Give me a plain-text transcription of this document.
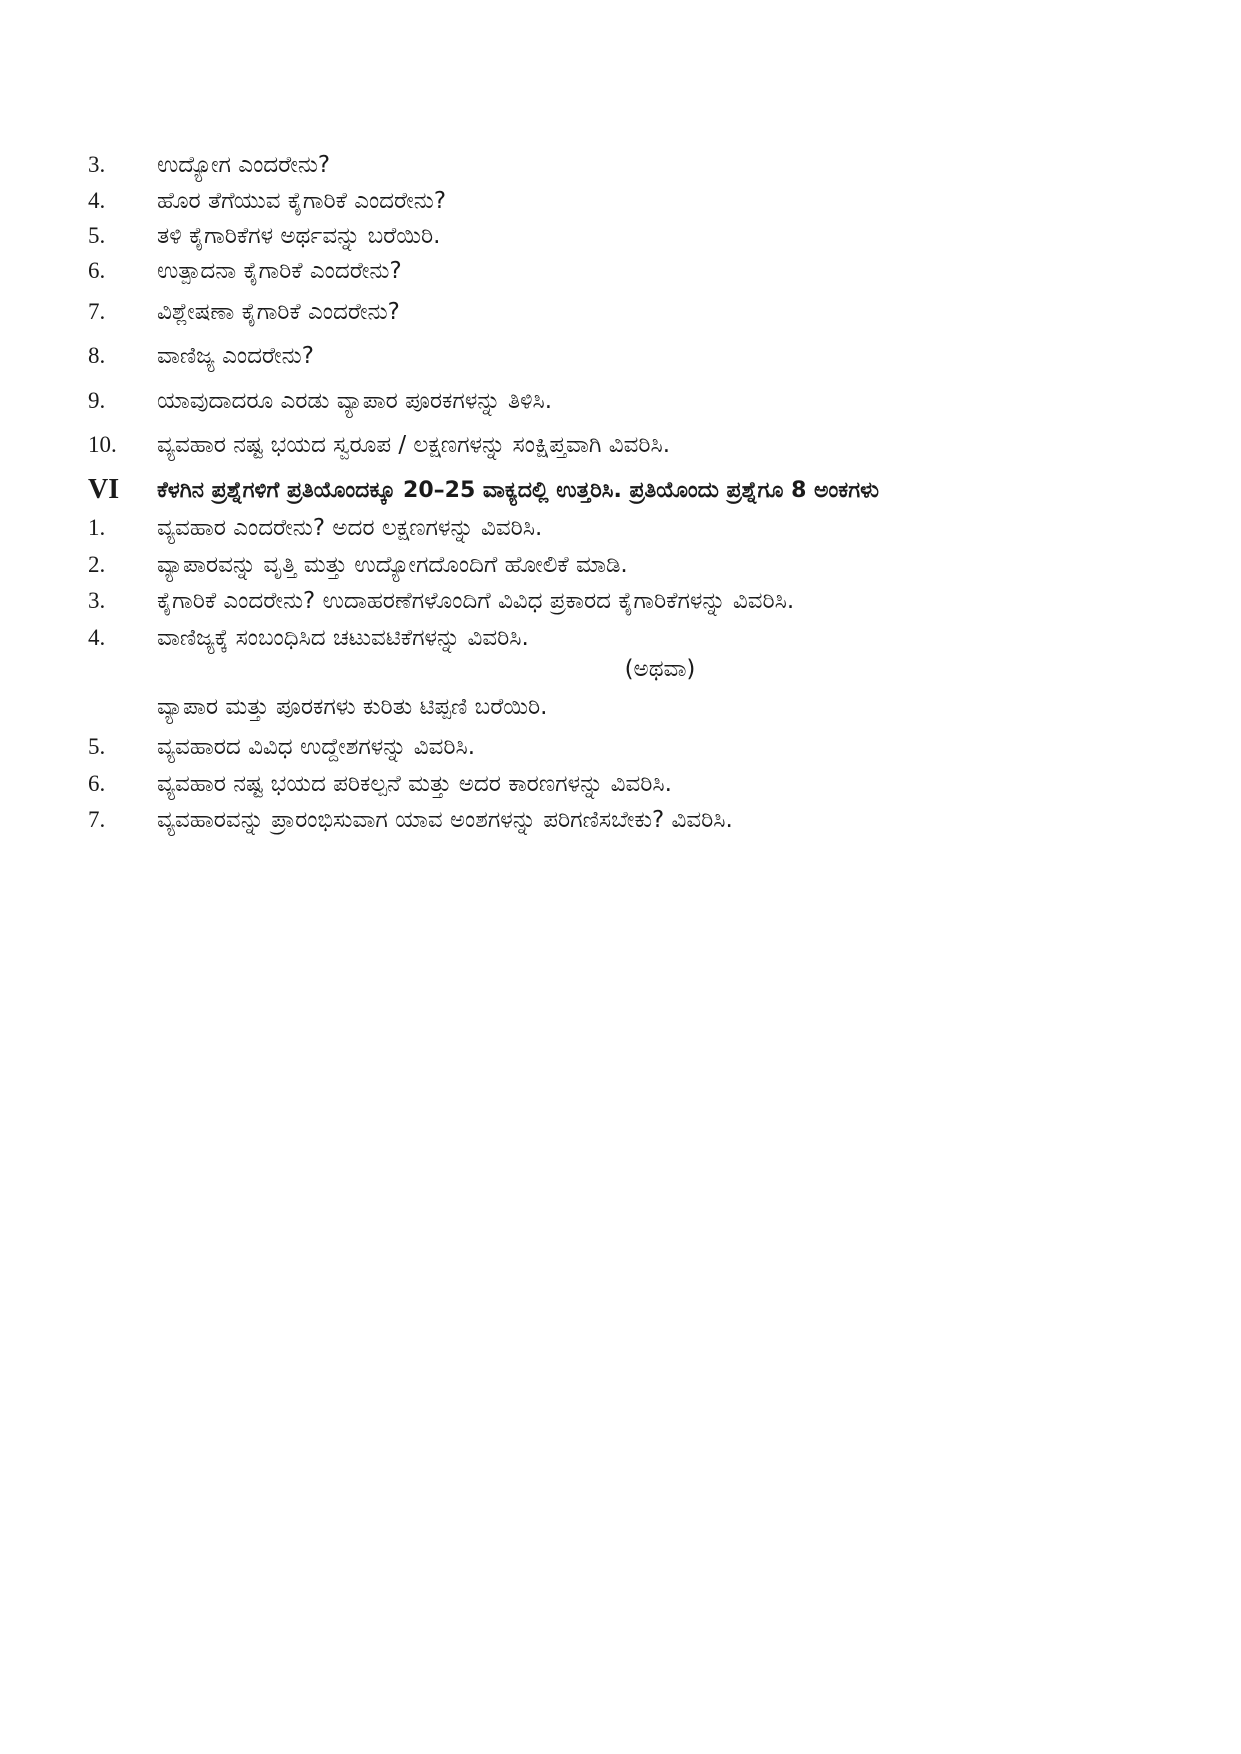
3.	ಉದ್ಯೋಗ ಎಂದರೇನು?
4.	ಹೊರ ತೆಗೆಯುವ ಕೈಗಾರಿಕೆ ಎಂದರೇನು?
5.	ತಳಿ ಕೈಗಾರಿಕೆಗಳ ಅರ್ಥವನ್ನು ಬರೆಯಿರಿ.
6.	ಉತ್ಪಾದನಾ ಕೈಗಾರಿಕೆ ಎಂದರೇನು?
7.	ವಿಶ್ಲೇಷಣಾ ಕೈಗಾರಿಕೆ ಎಂದರೇನು?
8.	ವಾಣಿಜ್ಯ ಎಂದರೇನು?
9.	ಯಾವುದಾದರೂ ಎರಡು ವ್ಯಾಪಾರ ಪೂರಕಗಳನ್ನು ತಿಳಿಸಿ.
10.	ವ್ಯವಹಾರ ನಷ್ಟ ಭಯದ ಸ್ವರೂಪ / ಲಕ್ಷಣಗಳನ್ನು ಸಂಕ್ಷಿಪ್ತವಾಗಿ ವಿವರಿಸಿ.
VI	ಕೆಳಗಿನ ಪ್ರಶ್ನೆಗಳಿಗೆ ಪ್ರತಿಯೊಂದಕ್ಕೂ 20–25 ವಾಕ್ಯದಲ್ಲಿ ಉತ್ತರಿಸಿ. ಪ್ರತಿಯೊಂದು ಪ್ರಶ್ನೆಗೂ 8 ಅಂಕಗಳು
1.	ವ್ಯವಹಾರ ಎಂದರೇನು? ಅದರ ಲಕ್ಷಣಗಳನ್ನು ವಿವರಿಸಿ.
2.	ವ್ಯಾಪಾರವನ್ನು ವೃತ್ತಿ ಮತ್ತು ಉದ್ಯೋಗದೊಂದಿಗೆ ಹೋಲಿಕೆ ಮಾಡಿ.
3.	ಕೈಗಾರಿಕೆ ಎಂದರೇನು? ಉದಾಹರಣೆಗಳೊಂದಿಗೆ ವಿವಿಧ ಪ್ರಕಾರದ ಕೈಗಾರಿಕೆಗಳನ್ನು ವಿವರಿಸಿ.
4.	ವಾಣಿಜ್ಯಕ್ಕೆ ಸಂಬಂಧಿಸಿದ ಚಟುವಟಿಕೆಗಳನ್ನು ವಿವರಿಸಿ.
(ಅಥವಾ)
ವ್ಯಾಪಾರ ಮತ್ತು ಪೂರಕಗಳು ಕುರಿತು ಟಿಪ್ಪಣಿ ಬರೆಯಿರಿ.
5.	ವ್ಯವಹಾರದ ವಿವಿಧ ಉದ್ದೇಶಗಳನ್ನು ವಿವರಿಸಿ.
6.	ವ್ಯವಹಾರ ನಷ್ಟ ಭಯದ ಪರಿಕಲ್ಪನೆ ಮತ್ತು ಅದರ ಕಾರಣಗಳನ್ನು ವಿವರಿಸಿ.
7.	ವ್ಯವಹಾರವನ್ನು ಪ್ರಾರಂಭಿಸುವಾಗ ಯಾವ ಅಂಶಗಳನ್ನು ಪರಿಗಣಿಸಬೇಕು? ವಿವರಿಸಿ.
